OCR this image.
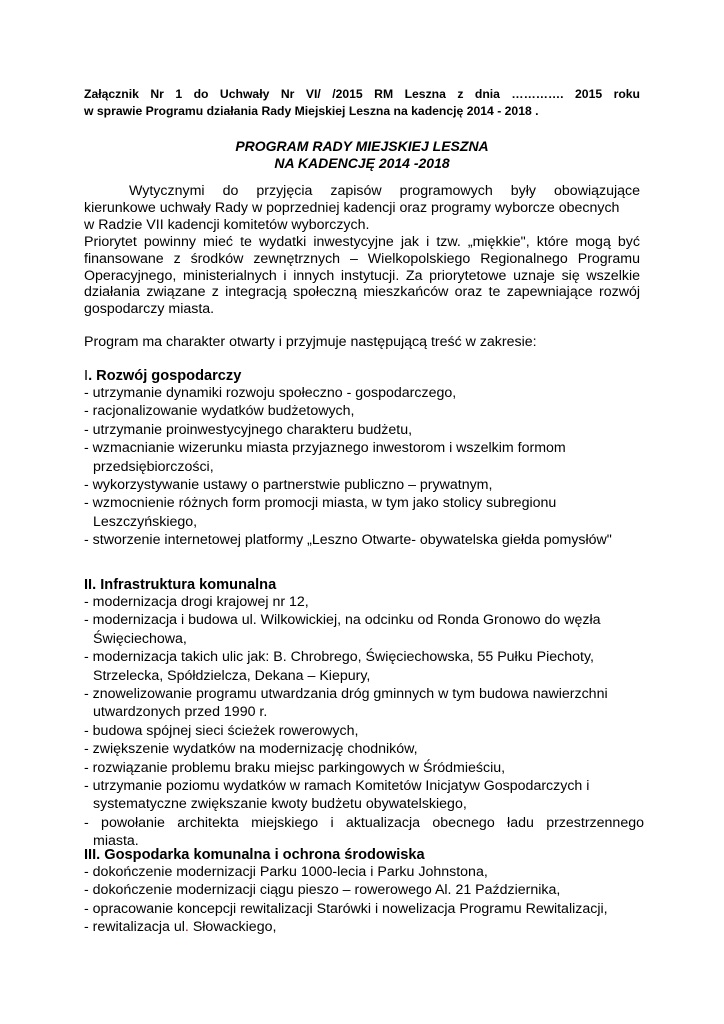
Załącznik Nr 1 do Uchwały Nr VI/ /2015 RM Leszna z dnia …………. 2015 roku
w sprawie Programu działania Rady Miejskiej Leszna na kadencję 2014 - 2018 .
PROGRAM RADY MIEJSKIEJ LESZNA
NA KADENCJĘ 2014 -2018
Wytycznymi do przyjęcia zapisów programowych były obowiązujące
kierunkowe uchwały Rady w poprzedniej kadencji oraz programy wyborcze obecnych
w Radzie VII kadencji komitetów wyborczych.
Priorytet powinny mieć te wydatki inwestycyjne jak i tzw. „miękkie", które mogą być
finansowane z środków zewnętrznych – Wielkopolskiego Regionalnego Programu
Operacyjnego, ministerialnych i innych instytucji. Za priorytetowe uznaje się wszelkie
działania związane z integracją społeczną mieszkańców oraz te zapewniające rozwój
gospodarczy miasta.
Program ma charakter otwarty i przyjmuje następującą treść w zakresie:
I. Rozwój gospodarczy
- utrzymanie dynamiki rozwoju społeczno - gospodarczego,
- racjonalizowanie wydatków budżetowych,
- utrzymanie proinwestycyjnego charakteru budżetu,
- wzmacnianie wizerunku miasta przyjaznego inwestorom i wszelkim formom
przedsiębiorczości,
- wykorzystywanie ustawy o partnerstwie publiczno – prywatnym,
- wzmocnienie różnych form promocji miasta, w tym jako stolicy subregionu
Leszczyńskiego,
- stworzenie internetowej platformy „Leszno Otwarte- obywatelska giełda pomysłów"
II. Infrastruktura komunalna
- modernizacja drogi krajowej nr 12,
- modernizacja i budowa ul. Wilkowickiej, na odcinku od Ronda Gronowo do węzła
Święciechowa,
- modernizacja takich ulic jak: B. Chrobrego, Święciechowska, 55 Pułku Piechoty,
Strzelecka, Spółdzielcza, Dekana – Kiepury,
- znowelizowanie programu utwardzania dróg gminnych w tym budowa nawierzchni
utwardzonych przed 1990 r.
- budowa spójnej sieci ścieżek rowerowych,
- zwiększenie wydatków na modernizację chodników,
- rozwiązanie problemu braku miejsc parkingowych w Śródmieściu,
- utrzymanie poziomu wydatków w ramach Komitetów Inicjatyw Gospodarczych i
systematyczne zwiększanie kwoty budżetu obywatelskiego,
- powołanie architekta miejskiego i aktualizacja obecnego ładu przestrzennego
miasta.
III. Gospodarka komunalna i ochrona środowiska
- dokończenie modernizacji Parku 1000-lecia i Parku Johnstona,
- dokończenie modernizacji ciągu pieszo – rowerowego Al. 21 Października,
- opracowanie koncepcji rewitalizacji Starówki i nowelizacja Programu Rewitalizacji,
- rewitalizacja ul. Słowackiego,
